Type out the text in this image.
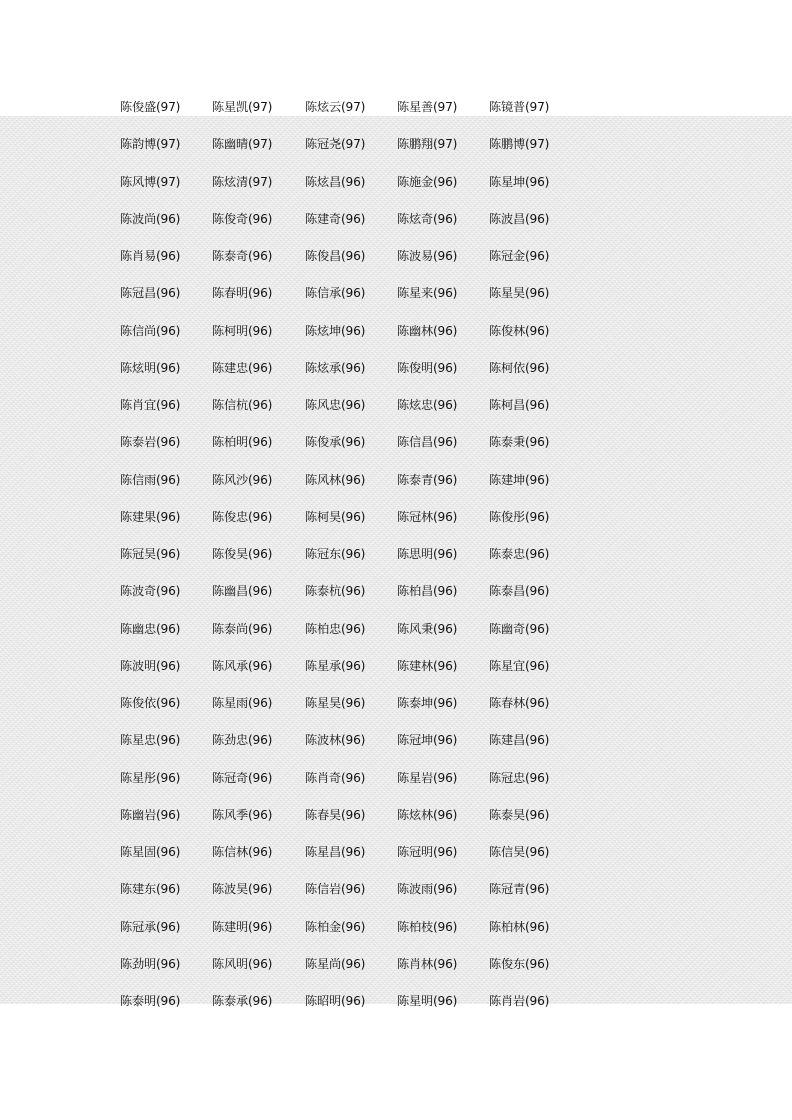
陈俊盛(97)	陈星凯(97)	陈炫云(97)	陈星善(97)	陈镜普(97)
陈韵博(97)	陈幽晴(97)	陈冠尧(97)	陈鹏翔(97)	陈鹏博(97)
陈风博(97)	陈炫清(97)	陈炫昌(96)	陈施金(96)	陈星坤(96)
陈波尚(96)	陈俊奇(96)	陈建奇(96)	陈炫奇(96)	陈波昌(96)
陈肖易(96)	陈泰奇(96)	陈俊昌(96)	陈波易(96)	陈冠金(96)
陈冠昌(96)	陈春明(96)	陈信承(96)	陈星来(96)	陈星昊(96)
陈信尚(96)	陈柯明(96)	陈炫坤(96)	陈幽林(96)	陈俊林(96)
陈炫明(96)	陈建忠(96)	陈炫承(96)	陈俊明(96)	陈柯依(96)
陈肖宜(96)	陈信杭(96)	陈风忠(96)	陈炫忠(96)	陈柯昌(96)
陈泰岩(96)	陈柏明(96)	陈俊承(96)	陈信昌(96)	陈泰秉(96)
陈信雨(96)	陈风沙(96)	陈风林(96)	陈泰青(96)	陈建坤(96)
陈建果(96)	陈俊忠(96)	陈柯昊(96)	陈冠林(96)	陈俊彤(96)
陈冠昊(96)	陈俊昊(96)	陈冠东(96)	陈思明(96)	陈泰忠(96)
陈波奇(96)	陈幽昌(96)	陈泰杭(96)	陈柏昌(96)	陈泰昌(96)
陈幽忠(96)	陈泰尚(96)	陈柏忠(96)	陈风秉(96)	陈幽奇(96)
陈波明(96)	陈风承(96)	陈星承(96)	陈建林(96)	陈星宜(96)
陈俊依(96)	陈星雨(96)	陈星昊(96)	陈泰坤(96)	陈春林(96)
陈星忠(96)	陈劲忠(96)	陈波林(96)	陈冠坤(96)	陈建昌(96)
陈星彤(96)	陈冠奇(96)	陈肖奇(96)	陈星岩(96)	陈冠忠(96)
陈幽岩(96)	陈风季(96)	陈春昊(96)	陈炫林(96)	陈泰昊(96)
陈星固(96)	陈信林(96)	陈星昌(96)	陈冠明(96)	陈信昊(96)
陈建东(96)	陈波昊(96)	陈信岩(96)	陈波雨(96)	陈冠青(96)
陈冠承(96)	陈建明(96)	陈柏金(96)	陈柏枝(96)	陈柏林(96)
陈劲明(96)	陈风明(96)	陈星尚(96)	陈肖林(96)	陈俊东(96)
陈泰明(96)	陈泰承(96)	陈昭明(96)	陈星明(96)	陈肖岩(96)
